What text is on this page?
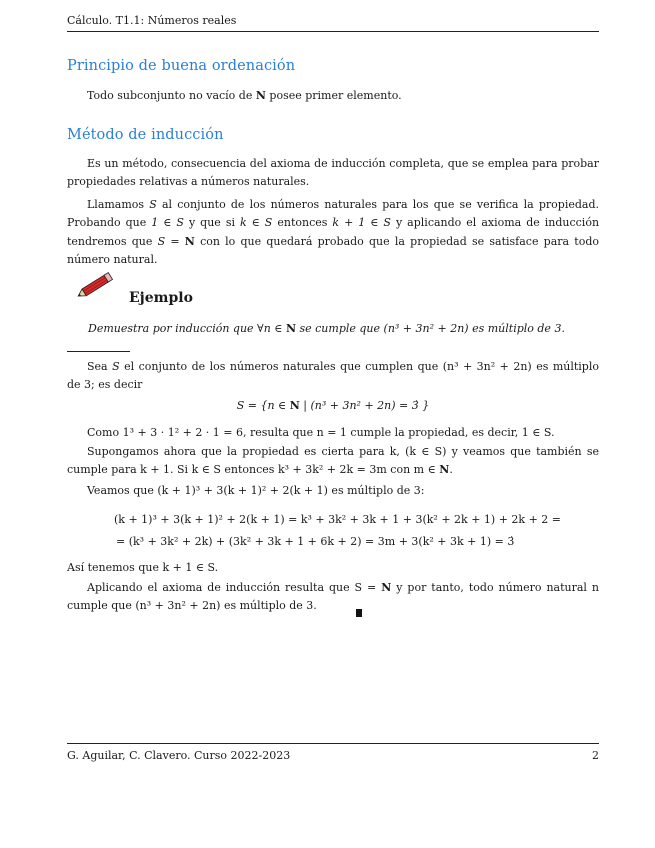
Cálculo. T1.1: Números reales
Principio de buena ordenación

Todo subconjunto no vacío de N posee primer elemento.

Método de inducción

Es un método, consecuencia del axioma de inducción completa, que se emplea para probar propiedades relativas a números naturales.

Llamamos S al conjunto de los números naturales para los que se verifica la propiedad. Probando que 1 ∈ S y que si k ∈ S entonces k + 1 ∈ S y aplicando el axioma de inducción tendremos que S = N con lo que quedará probado que la propiedad se satisface para todo número natural.

Ejemplo
Demuestra por inducción que ∀n ∈ N se cumple que (n³ + 3n² + 2n) es múltiplo de 3.

Sea S el conjunto de los números naturales que cumplen que (n³ + 3n² + 2n) es múltiplo de 3; es decir

S = {n ∈ N | (n³ + 3n² + 2n) = 3̇ }

Como 1³ + 3 · 1² + 2 · 1 = 6, resulta que n = 1 cumple la propiedad, es decir, 1 ∈ S.

Supongamos ahora que la propiedad es cierta para k, (k ∈ S) y veamos que también se cumple para k + 1. Si k ∈ S entonces k³ + 3k² + 2k = 3m con m ∈ N.

Veamos que (k + 1)³ + 3(k + 1)² + 2(k + 1) es múltiplo de 3:

(k + 1)³ + 3(k + 1)² + 2(k + 1) = k³ + 3k² + 3k + 1 + 3(k² + 2k + 1) + 2k + 2 =
= (k³ + 3k² + 2k) + (3k² + 3k + 1 + 6k + 2) = 3m + 3(k² + 3k + 1) = 3̇

Así tenemos que k + 1 ∈ S.

Aplicando el axioma de inducción resulta que S = N y por tanto, todo número natural n cumple que (n³ + 3n² + 2n) es múltiplo de 3.

G. Aguilar, C. Clavero. Curso 2022-2023	2
